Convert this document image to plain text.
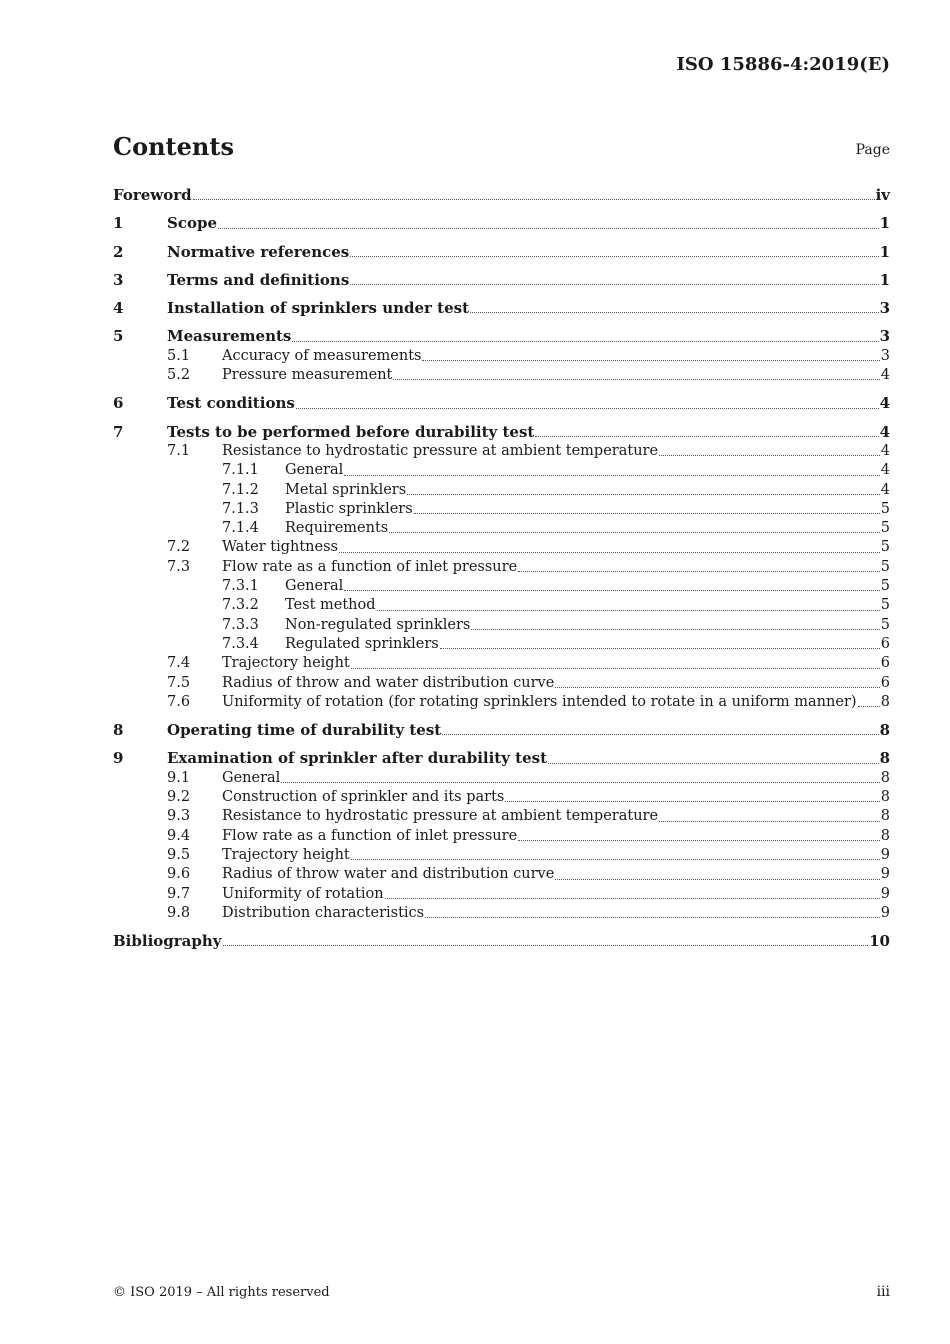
ISO 15886-4:2019(E)
Contents	Page
Foreword	iv
1	Scope	1
2	Normative references	1
3	Terms and definitions	1
4	Installation of sprinklers under test	3
5	Measurements	3
5.1	Accuracy of measurements	3
5.2	Pressure measurement	4
6	Test conditions	4
7	Tests to be performed before durability test	4
7.1	Resistance to hydrostatic pressure at ambient temperature	4
7.1.1	General	4
7.1.2	Metal sprinklers	4
7.1.3	Plastic sprinklers	5
7.1.4	Requirements	5
7.2	Water tightness	5
7.3	Flow rate as a function of inlet pressure	5
7.3.1	General	5
7.3.2	Test method	5
7.3.3	Non-regulated sprinklers	5
7.3.4	Regulated sprinklers	6
7.4	Trajectory height	6
7.5	Radius of throw and water distribution curve	6
7.6	Uniformity of rotation (for rotating sprinklers intended to rotate in a uniform manner) 8
8	Operating time of durability test	8
9	Examination of sprinkler after durability test	8
9.1	General	8
9.2	Construction of sprinkler and its parts	8
9.3	Resistance to hydrostatic pressure at ambient temperature	8
9.4	Flow rate as a function of inlet pressure	8
9.5	Trajectory height	9
9.6	Radius of throw water and distribution curve	9
9.7	Uniformity of rotation	9
9.8	Distribution characteristics	9
Bibliography	10
© ISO 2019 – All rights reserved	iii
